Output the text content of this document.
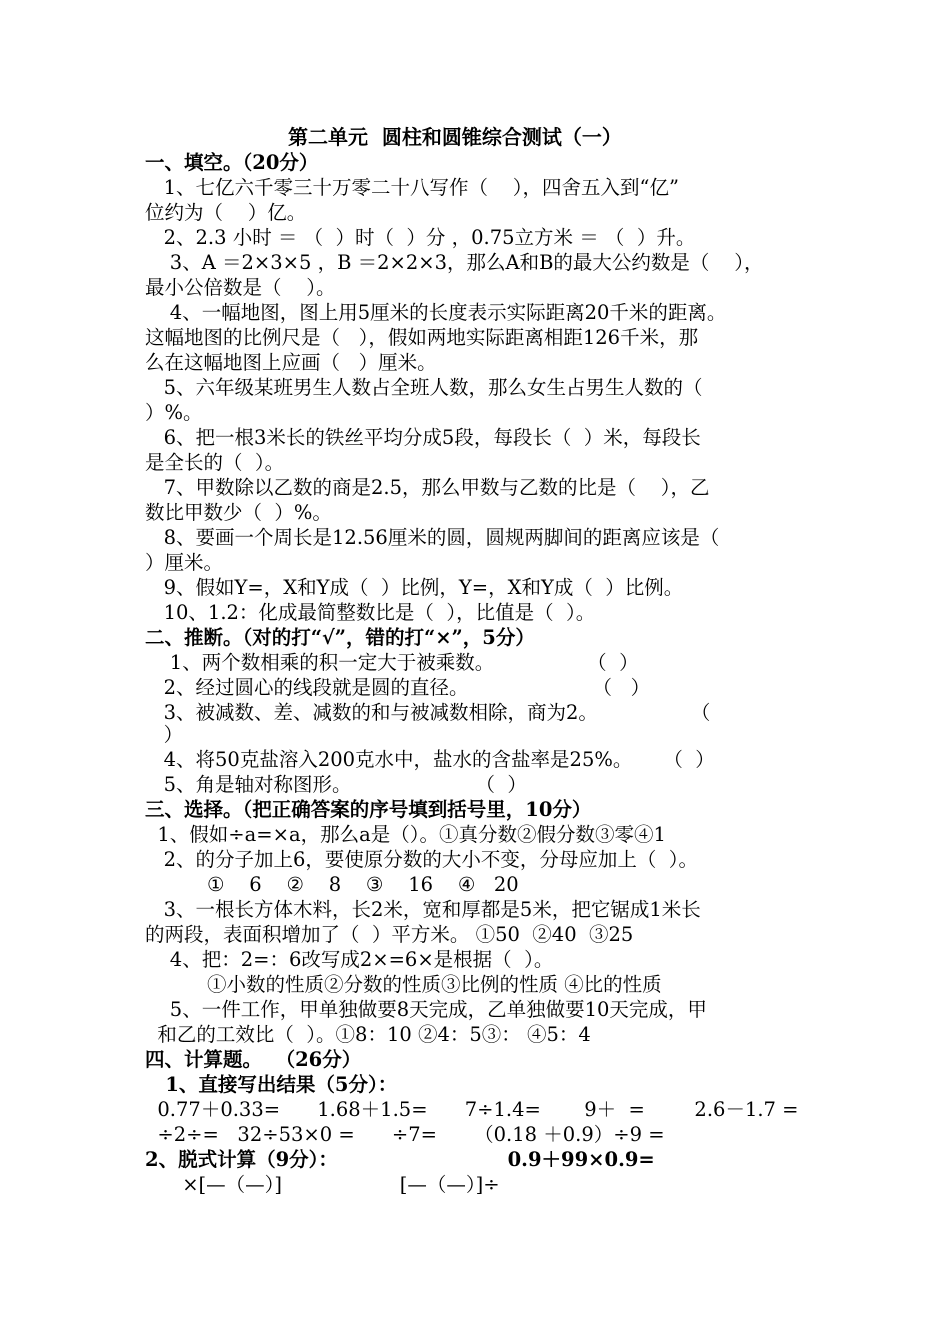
第二单元  圆柱和圆锥综合测试（一）
一、填空。（20分）
1、七亿六千零三十万零二十八写作（    ），四舍五入到“亿”
位约为（    ）亿。
2、2.3 小时 ＝ （  ）时（  ）分 ，0.75立方米 ＝ （  ）升。
3、A ＝2×3×5 ，B ＝2×2×3，那么A和B的最大公约数是（    ），
最小公倍数是（    ）。
4、一幅地图，图上用5厘米的长度表示实际距离20千米的距离。
这幅地图的比例尺是（   ），假如两地实际距离相距126千米，那
么在这幅地图上应画（   ）厘米。
5、六年级某班男生人数占全班人数，那么女生占男生人数的（
）%。
6、把一根3米长的铁丝平均分成5段，每段长（  ）米，每段长
是全长的（  ）。
7、甲数除以乙数的商是2.5，那么甲数与乙数的比是（    ），乙
数比甲数少（  ）%。
8、要画一个周长是12.56厘米的圆，圆规两脚间的距离应该是（
）厘米。
9、假如Y=，X和Y成（  ）比例，Y=，X和Y成（  ）比例。
10、1.2：化成最简整数比是（  ），比值是（  ）。
二、推断。（对的打“√”，错的打“×”，5分）
1、两个数相乘的积一定大于被乘数。               （  ）
2、经过圆心的线段就是圆的直径。                    （   ）
3、被减数、差、减数的和与被减数相除，商为2。               （
）
4、将50克盐溶入200克水中，盐水的含盐率是25%。     （  ）
5、角是轴对称图形。                    （  ）
三、选择。（把正确答案的序号填到括号里，10分）
1、假如÷a=×a，那么a是（）。①真分数②假分数③零④1
2、的分子加上6，要使原分数的大小不变，分母应加上（  ）。
①    6    ②    8    ③    16    ④   20
3、一根长方体木料，长2米，宽和厚都是5米，把它锯成1米长
的两段，表面积增加了（  ）平方米。 ①50  ②40  ③25
4、把：2=：6改写成2×=6×是根据（  ）。
①小数的性质②分数的性质③比例的性质 ④比的性质
5、一件工作，甲单独做要8天完成，乙单独做要10天完成，甲
和乙的工效比（  ）。①8：10 ②4：5③： ④5：4
四、计算题。  （26分）
1、直接写出结果（5分）：
0.77＋0.33=      1.68＋1.5=      7÷1.4=       9＋  =        2.6－1.7 =
÷2÷=   32÷53×0 =      ÷7=      （0.18 ＋0.9）÷9 =
2、脱式计算（9分）：                         0.9＋99×0.9=
×[—（—）]                   [—（—）]÷
